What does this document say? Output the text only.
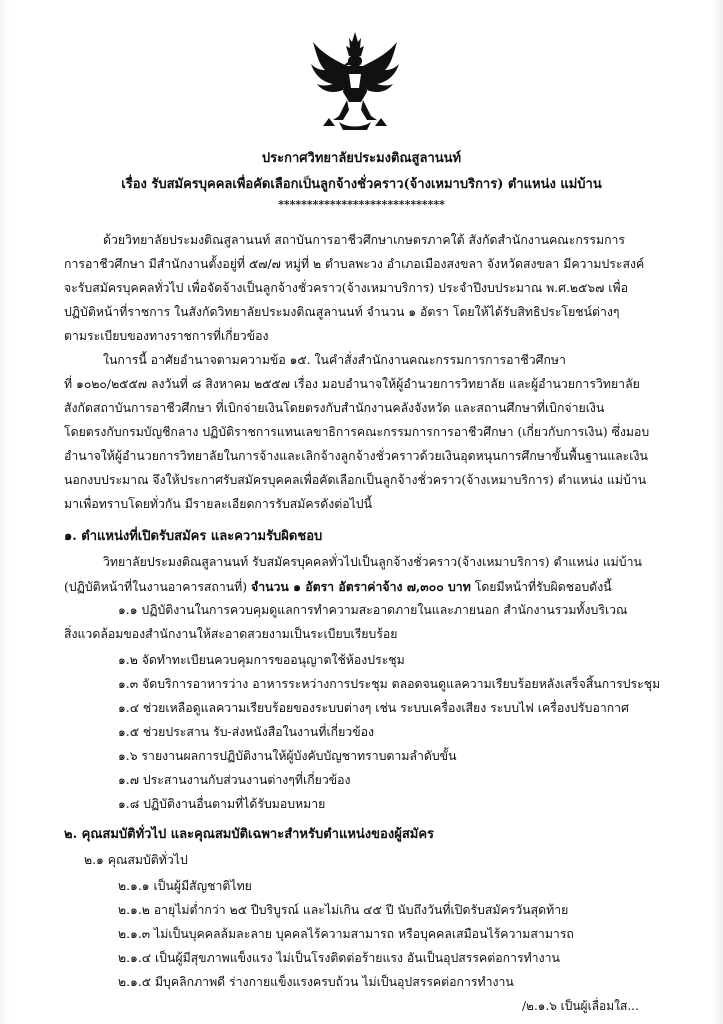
ประกาศวิทยาลัยประมงติณสูลานนท์
เรื่อง รับสมัครบุคคลเพื่อคัดเลือกเป็นลูกจ้างชั่วคราว(จ้างเหมาบริการ) ตำแหน่ง แม่บ้าน
*****************************
ด้วยวิทยาลัยประมงติณสูลานนท์ สถาบันการอาชีวศึกษาเกษตรภาคใต้ สังกัดสำนักงานคณะกรรมการ
การอาชีวศึกษา มีสำนักงานตั้งอยู่ที่ ๕๗/๗ หมู่ที่ ๒ ตำบลพะวง อำเภอเมืองสงขลา จังหวัดสงขลา มีความประสงค์
จะรับสมัครบุคคลทั่วไป เพื่อจัดจ้างเป็นลูกจ้างชั่วคราว(จ้างเหมาบริการ) ประจำปีงบประมาณ พ.ศ.๒๕๖๗ เพื่อ
ปฏิบัติหน้าที่ราชการ ในสังกัดวิทยาลัยประมงติณสูลานนท์ จำนวน ๑ อัตรา โดยให้ได้รับสิทธิประโยชน์ต่างๆ
ตามระเบียบของทางราชการที่เกี่ยวข้อง
ในการนี้ อาศัยอำนาจตามความข้อ ๑๕. ในคำสั่งสำนักงานคณะกรรมการการอาชีวศึกษา
ที่ ๑๐๒๐/๒๕๕๗ ลงวันที่ ๘ สิงหาคม ๒๕๕๗ เรื่อง มอบอำนาจให้ผู้อำนวยการวิทยาลัย และผู้อำนวยการวิทยาลัย
สังกัดสถาบันการอาชีวศึกษา ที่เบิกจ่ายเงินโดยตรงกับสำนักงานคลังจังหวัด และสถานศึกษาที่เบิกจ่ายเงิน
โดยตรงกับกรมบัญชีกลาง ปฏิบัติราชการแทนเลขาธิการคณะกรรมการการอาชีวศึกษา (เกี่ยวกับการเงิน) ซึ่งมอบ
อำนาจให้ผู้อำนวยการวิทยาลัยในการจ้างและเลิกจ้างลูกจ้างชั่วคราวด้วยเงินอุดหนุนการศึกษาขั้นพื้นฐานและเงิน
นอกงบประมาณ จึงให้ประกาศรับสมัครบุคคลเพื่อคัดเลือกเป็นลูกจ้างชั่วคราว(จ้างเหมาบริการ) ตำแหน่ง แม่บ้าน
มาเพื่อทราบโดยทั่วกัน มีรายละเอียดการรับสมัครดังต่อไปนี้
๑. ตำแหน่งที่เปิดรับสมัคร และความรับผิดชอบ
วิทยาลัยประมงติณสูลานนท์ รับสมัครบุคคลทั่วไปเป็นลูกจ้างชั่วคราว(จ้างเหมาบริการ) ตำแหน่ง แม่บ้าน
(ปฏิบัติหน้าที่ในงานอาคารสถานที่) จำนวน ๑ อัตรา อัตราค่าจ้าง ๗,๓๐๐ บาท โดยมีหน้าที่รับผิดชอบดังนี้
๑.๑ ปฏิบัติงานในการควบคุมดูแลการทำความสะอาดภายในและภายนอก สำนักงานรวมทั้งบริเวณ
สิ่งแวดล้อมของสำนักงานให้สะอาดสวยงามเป็นระเบียบเรียบร้อย
๑.๒ จัดทำทะเบียนควบคุมการขออนุญาตใช้ห้องประชุม
๑.๓ จัดบริการอาหารว่าง อาหารระหว่างการประชุม ตลอดจนดูแลความเรียบร้อยหลังเสร็จสิ้นการประชุม
๑.๔ ช่วยเหลือดูแลความเรียบร้อยของระบบต่างๆ เช่น ระบบเครื่องเสียง ระบบไฟ เครื่องปรับอากาศ
๑.๕ ช่วยประสาน รับ-ส่งหนังสือในงานที่เกี่ยวข้อง
๑.๖ รายงานผลการปฏิบัติงานให้ผู้บังคับบัญชาทราบตามลำดับขั้น
๑.๗ ประสานงานกับส่วนงานต่างๆที่เกี่ยวข้อง
๑.๘ ปฏิบัติงานอื่นตามที่ได้รับมอบหมาย
๒. คุณสมบัติทั่วไป และคุณสมบัติเฉพาะสำหรับตำแหน่งของผู้สมัคร
๒.๑ คุณสมบัติทั่วไป
๒.๑.๑ เป็นผู้มีสัญชาติไทย
๒.๑.๒ อายุไม่ต่ำกว่า ๒๕ ปีบริบูรณ์ และไม่เกิน ๔๕ ปี นับถึงวันที่เปิดรับสมัครวันสุดท้าย
๒.๑.๓ ไม่เป็นบุคคลล้มละลาย บุคคลไร้ความสามารถ หรือบุคคลเสมือนไร้ความสามารถ
๒.๑.๔ เป็นผู้มีสุขภาพแข็งแรง ไม่เป็นโรงติดต่อร้ายแรง อันเป็นอุปสรรคต่อการทำงาน
๒.๑.๕ มีบุคลิกภาพดี ร่างกายแข็งแรงครบถ้วน ไม่เป็นอุปสรรคต่อการทำงาน
/๒.๑.๖ เป็นผู้เลื่อมใส...
